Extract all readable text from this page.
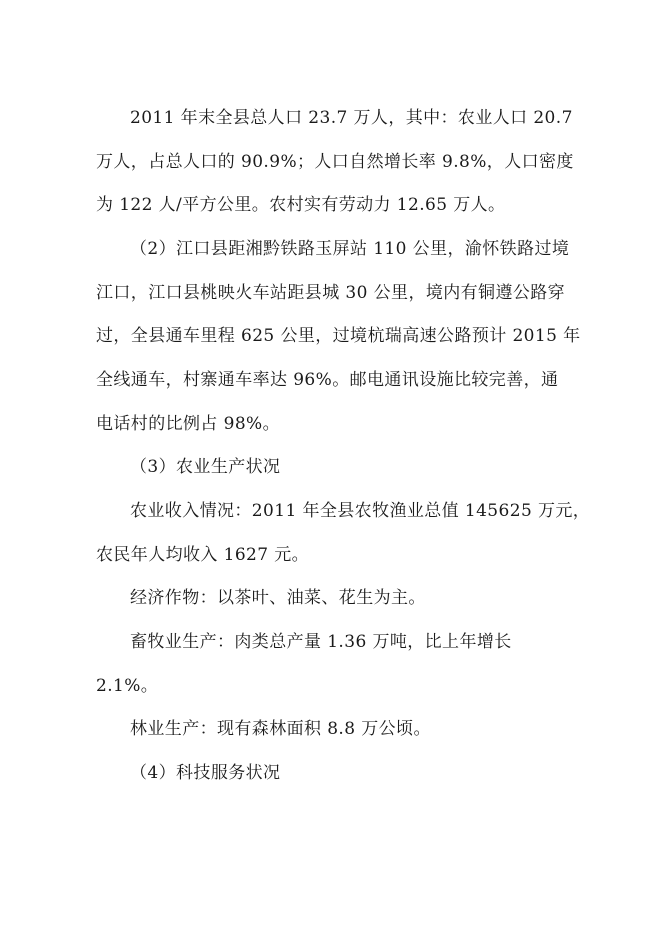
2011 年末全县总人口 23.7 万人，其中：农业人口 20.7
万人，占总人口的 90.9%；人口自然增长率 9.8%，人口密度
为 122 人/平方公里。农村实有劳动力 12.65 万人。
（2）江口县距湘黔铁路玉屏站 110 公里，渝怀铁路过境
江口，江口县桃映火车站距县城 30 公里，境内有铜遵公路穿
过，全县通车里程 625 公里，过境杭瑞高速公路预计 2015 年
全线通车，村寨通车率达 96%。邮电通讯设施比较完善，通
电话村的比例占 98%。
（3）农业生产状况
农业收入情况：2011 年全县农牧渔业总值 145625 万元，
农民年人均收入 1627 元。
经济作物：以茶叶、油菜、花生为主。
畜牧业生产：肉类总产量 1.36 万吨，比上年增长
2.1%。
林业生产：现有森林面积 8.8 万公顷。
（4）科技服务状况
